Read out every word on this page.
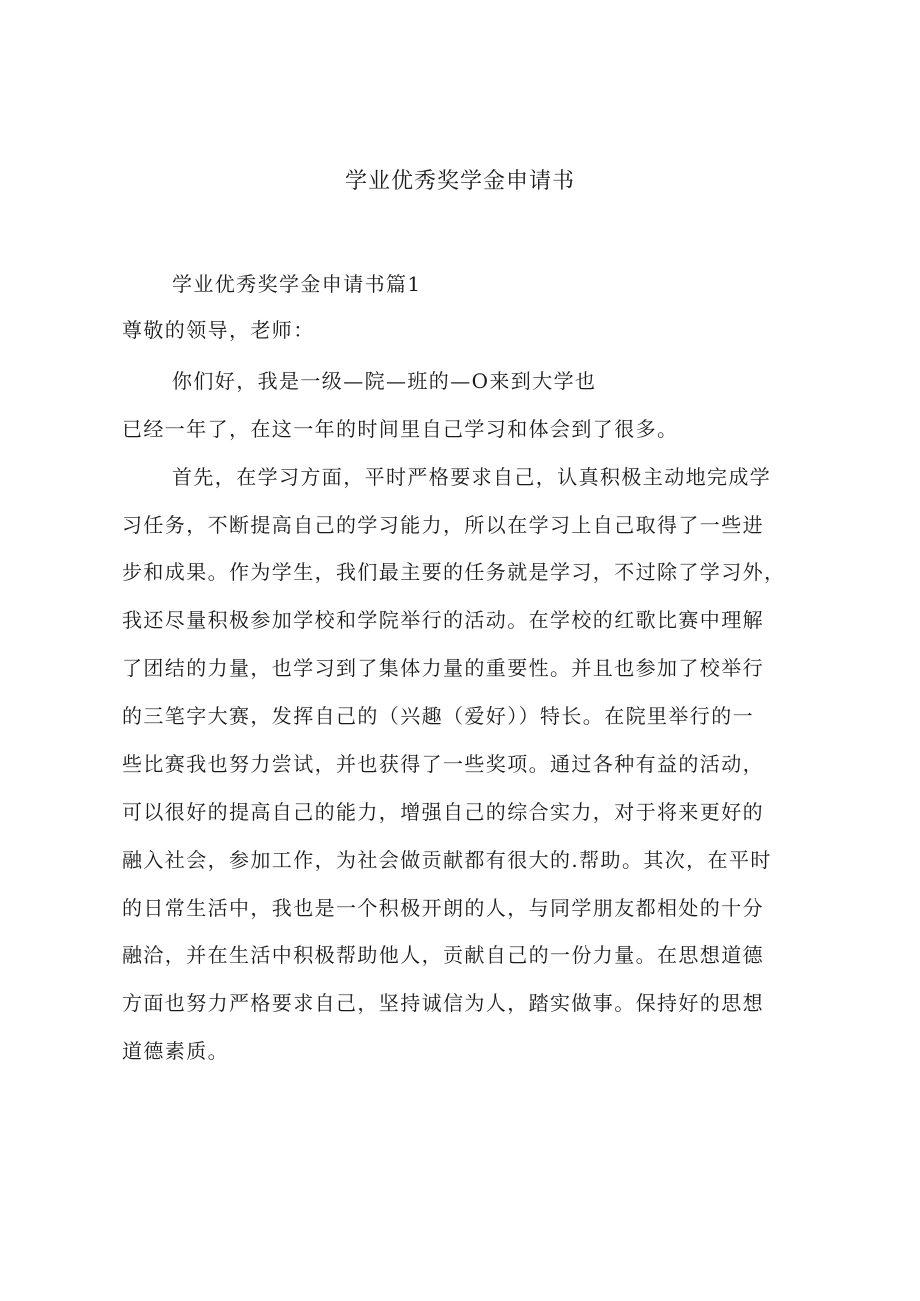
学业优秀奖学金申请书
学业优秀奖学金申请书篇1
尊敬的领导，老师：
你们好，我是一级—院—班的—O来到大学也
已经一年了，在这一年的时间里自己学习和体会到了很多。
首先，在学习方面，平时严格要求自己，认真积极主动地完成学
习任务，不断提高自己的学习能力，所以在学习上自己取得了一些进
步和成果。作为学生，我们最主要的任务就是学习，不过除了学习外，
我还尽量积极参加学校和学院举行的活动。在学校的红歌比赛中理解
了团结的力量，也学习到了集体力量的重要性。并且也参加了校举行
的三笔字大赛，发挥自己的（兴趣（爱好））特长。在院里举行的一
些比赛我也努力尝试，并也获得了一些奖项。通过各种有益的活动，
可以很好的提高自己的能力，增强自己的综合实力，对于将来更好的
融入社会，参加工作，为社会做贡献都有很大的.帮助。其次，在平时
的日常生活中，我也是一个积极开朗的人，与同学朋友都相处的十分
融洽，并在生活中积极帮助他人，贡献自己的一份力量。在思想道德
方面也努力严格要求自己，坚持诚信为人，踏实做事。保持好的思想
道德素质。
